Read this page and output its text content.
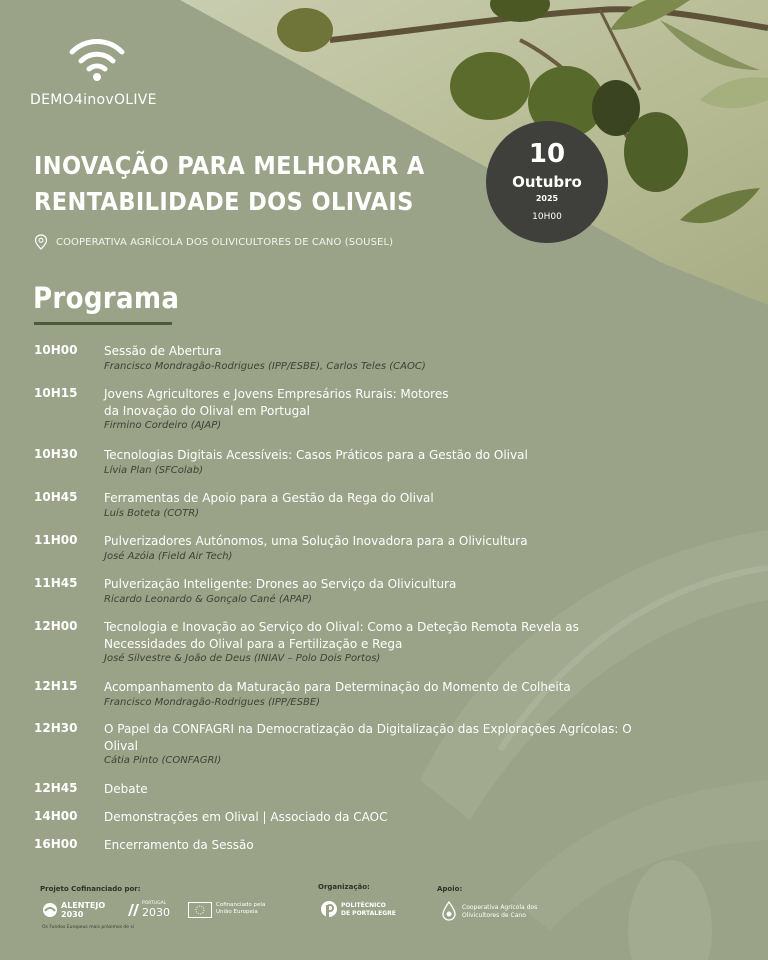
DEMO4inovOLIVE
INOVAÇÃO PARA MELHORAR A
RENTABILIDADE DOS OLIVAIS
COOPERATIVA AGRÍCOLA DOS OLIVICULTORES DE CANO (SOUSEL)
10
Outubro
2025
10H00
Programa
10H00	Sessão de Abertura
Francisco Mondragão-Rodrigues (IPP/ESBE), Carlos Teles (CAOC)
10H15	Jovens Agricultores e Jovens Empresários Rurais: Motores da Inovação do Olival em Portugal
Firmino Cordeiro (AJAP)
10H30	Tecnologias Digitais Acessíveis: Casos Práticos para a Gestão do Olival
Lívia Plan (SFColab)
10H45	Ferramentas de Apoio para a Gestão da Rega do Olival
Luís Boteta (COTR)
11H00	Pulverizadores Autónomos, uma Solução Inovadora para a Olivicultura
José Azóia (Field Air Tech)
11H45	Pulverização Inteligente: Drones ao Serviço da Olivicultura
Ricardo Leonardo & Gonçalo Cané (APAP)
12H00	Tecnologia e Inovação ao Serviço do Olival: Como a Deteção Remota Revela as Necessidades do Olival para a Fertilização e Rega
José Silvestre & João de Deus (INIAV – Polo Dois Portos)
12H15	Acompanhamento da Maturação para Determinação do Momento de Colheita
Francisco Mondragão-Rodrigues (IPP/ESBE)
12H30	O Papel da CONFAGRI na Democratização da Digitalização das Explorações Agrícolas: O Olival
Cátia Pinto (CONFAGRI)
12H45	Debate
14H00	Demonstrações em Olival | Associado da CAOC
16H00	Encerramento da Sessão
Projeto Cofinanciado por:
ALENTEJO
2030
Os Fundos Europeus mais próximos de si
PORTUGAL
2030
Cofinanciado pela
União Europeia
Organização:
POLITÉCNICO
DE PORTALEGRE
Apoio:
Cooperativa Agrícola dos
Olivicultores de Cano
